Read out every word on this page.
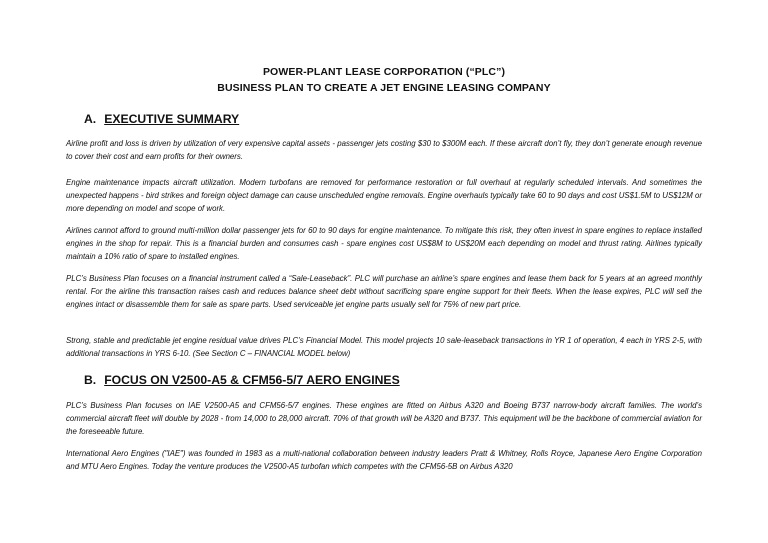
POWER-PLANT LEASE CORPORATION (“PLC”)
BUSINESS PLAN TO CREATE A JET ENGINE LEASING COMPANY
A. EXECUTIVE SUMMARY
Airline profit and loss is driven by utilization of very expensive capital assets - passenger jets costing $30 to $300M each. If these aircraft don’t fly, they don’t generate enough revenue to cover their cost and earn profits for their owners.
Engine maintenance impacts aircraft utilization. Modern turbofans are removed for performance restoration or full overhaul at regularly scheduled intervals. And sometimes the unexpected happens - bird strikes and foreign object damage can cause unscheduled engine removals. Engine overhauls typically take 60 to 90 days and cost US$1.5M to US$12M or more depending on model and scope of work.
Airlines cannot afford to ground multi-million dollar passenger jets for 60 to 90 days for engine maintenance. To mitigate this risk, they often invest in spare engines to replace installed engines in the shop for repair. This is a financial burden and consumes cash - spare engines cost US$8M to US$20M each depending on model and thrust rating. Airlines typically maintain a 10% ratio of spare to installed engines.
PLC’s Business Plan focuses on a financial instrument called a “Sale-Leaseback”. PLC will purchase an airline’s spare engines and lease them back for 5 years at an agreed monthly rental. For the airline this transaction raises cash and reduces balance sheet debt without sacrificing spare engine support for their fleets. When the lease expires, PLC will sell the engines intact or disassemble them for sale as spare parts. Used serviceable jet engine parts usually sell for 75% of new part price.
Strong, stable and predictable jet engine residual value drives PLC’s Financial Model. This model projects 10 sale-leaseback transactions in YR 1 of operation, 4 each in YRS 2-5, with additional transactions in YRS 6-10. (See Section C – FINANCIAL MODEL below)
B. FOCUS ON V2500-A5 & CFM56-5/7 AERO ENGINES
PLC’s Business Plan focuses on IAE V2500-A5 and CFM56-5/7 engines. These engines are fitted on Airbus A320 and Boeing B737 narrow-body aircraft families. The world’s commercial aircraft fleet will double by 2028 - from 14,000 to 28,000 aircraft. 70% of that growth will be A320 and B737. This equipment will be the backbone of commercial aviation for the foreseeable future.
International Aero Engines ("IAE") was founded in 1983 as a multi-national collaboration between industry leaders Pratt & Whitney, Rolls Royce, Japanese Aero Engine Corporation and MTU Aero Engines. Today the venture produces the V2500-A5 turbofan which competes with the CFM56-5B on Airbus A320
